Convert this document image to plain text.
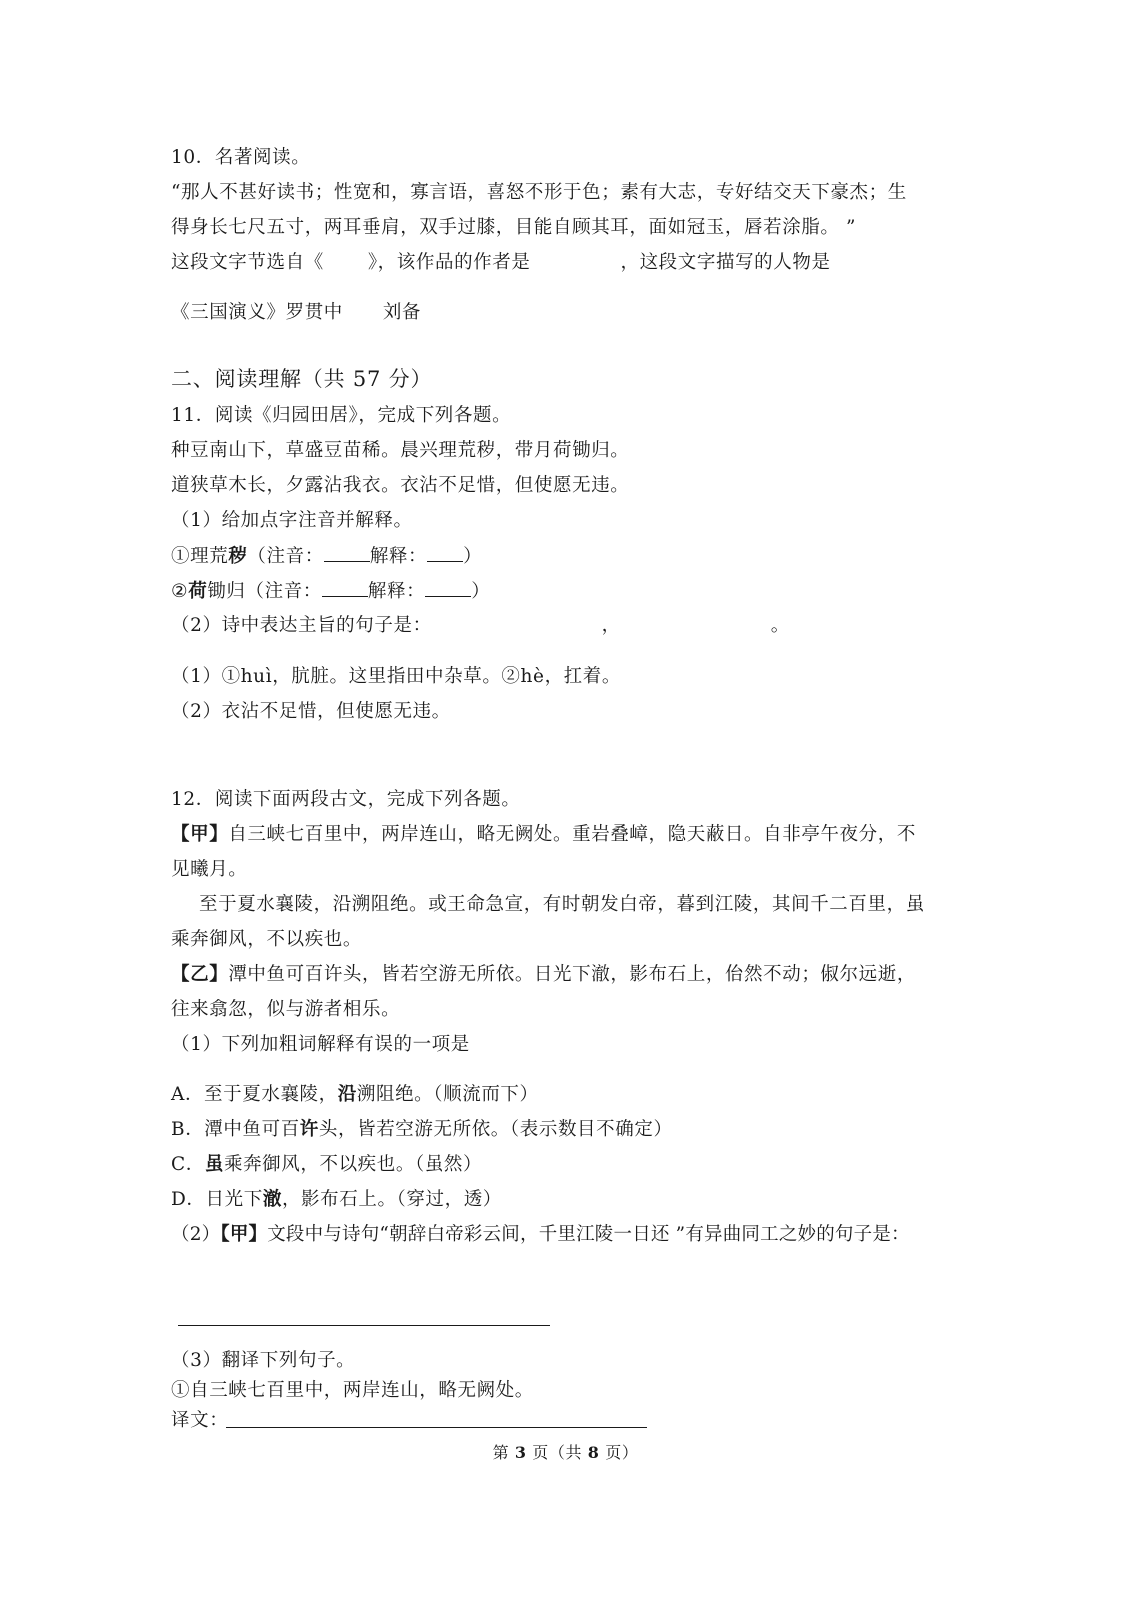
10．名著阅读。
“那人不甚好读书；性宽和，寡言语，喜怒不形于色；素有大志，专好结交天下豪杰；生
得身长七尺五寸，两耳垂肩，双手过膝，目能自顾其耳，面如冠玉，唇若涂脂。 ”
这段文字节选自《 》，该作品的作者是	，这段文字描写的人物是
《三国演义》罗贯中 刘备
二、阅读理解（共 57 分）
11．阅读《归园田居》，完成下列各题。
种豆南山下，草盛豆苗稀。晨兴理荒秽，带月荷锄归。
道狭草木长，夕露沾我衣。衣沾不足惜，但使愿无违。
（1）给加点字注音并解释。
①理荒秽（注音： 解释： ）
②荷锄归（注音： 解释： ）
（2）诗中表达主旨的句子是：	，	。
（1）①huì，肮脏。这里指田中杂草。②hè，扛着。
（2）衣沾不足惜，但使愿无违。
12．阅读下面两段古文，完成下列各题。
【甲】自三峡七百里中，两岸连山，略无阙处。重岩叠嶂，隐天蔽日。自非亭午夜分，不
见曦月。
至于夏水襄陵，沿溯阻绝。或王命急宣，有时朝发白帝，暮到江陵，其间千二百里，虽
乘奔御风，不以疾也。
【乙】潭中鱼可百许头，皆若空游无所依。日光下澈，影布石上，佁然不动；俶尔远逝，
往来翕忽，似与游者相乐。
（1）下列加粗词解释有误的一项是
A．至于夏水襄陵，沿溯阻绝。（顺流而下）
B．潭中鱼可百许头，皆若空游无所依。（表示数目不确定）
C．虽乘奔御风，不以疾也。（虽然）
D．日光下澈，影布石上。（穿过，透）
（2）【甲】文段中与诗句“朝辞白帝彩云间，千里江陵一日还 ”有异曲同工之妙的句子是：
（3）翻译下列句子。
①自三峡七百里中，两岸连山，略无阙处。
译文：
第 3 页（共 8 页）
